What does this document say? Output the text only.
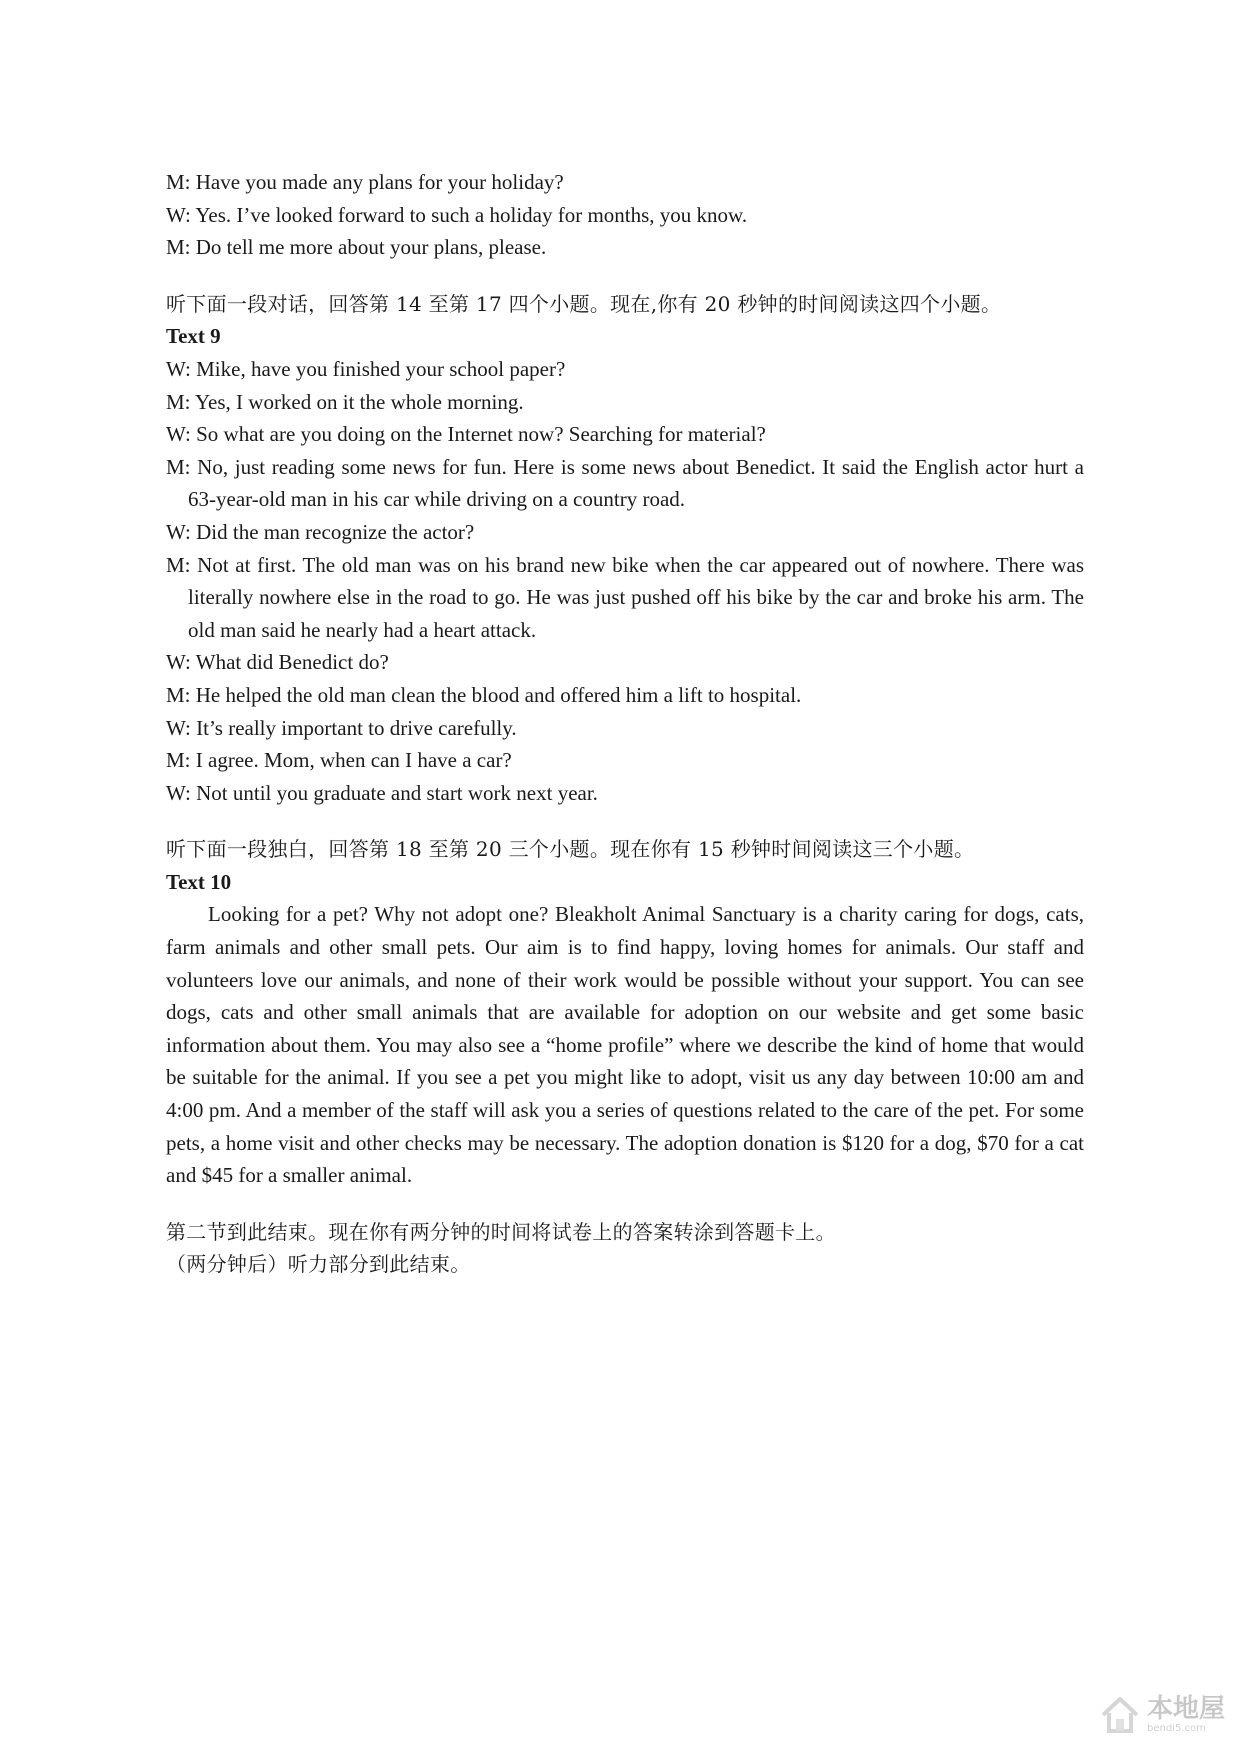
M: Have you made any plans for your holiday?

W: Yes. I’ve looked forward to such a holiday for months, you know.

M: Do tell me more about your plans, please.

听下面一段对话，回答第 14 至第 17 四个小题。现在,你有 20 秒钟的时间阅读这四个小题。

Text 9

W: Mike, have you finished your school paper?

M: Yes, I worked on it the whole morning.

W: So what are you doing on the Internet now? Searching for material?

M: No, just reading some news for fun. Here is some news about Benedict. It said the English actor hurt a 63-year-old man in his car while driving on a country road.

W: Did the man recognize the actor?

M: Not at first. The old man was on his brand new bike when the car appeared out of nowhere. There was literally nowhere else in the road to go. He was just pushed off his bike by the car and broke his arm. The old man said he nearly had a heart attack.

W: What did Benedict do?

M: He helped the old man clean the blood and offered him a lift to hospital.

W: It’s really important to drive carefully.

M: I agree. Mom, when can I have a car?

W: Not until you graduate and start work next year.

听下面一段独白，回答第 18 至第 20 三个小题。现在你有 15 秒钟时间阅读这三个小题。

Text 10

Looking for a pet? Why not adopt one? Bleakholt Animal Sanctuary is a charity caring for dogs, cats, farm animals and other small pets. Our aim is to find happy, loving homes for animals. Our staff and volunteers love our animals, and none of their work would be possible without your support. You can see dogs, cats and other small animals that are available for adoption on our website and get some basic information about them. You may also see a “home profile” where we describe the kind of home that would be suitable for the animal. If you see a pet you might like to adopt, visit us any day between 10:00 am and 4:00 pm. And a member of the staff will ask you a series of questions related to the care of the pet. For some pets, a home visit and other checks may be necessary. The adoption donation is $120 for a dog, $70 for a cat and $45 for a smaller animal.

第二节到此结束。现在你有两分钟的时间将试卷上的答案转涂到答题卡上。

（两分钟后）听力部分到此结束。

本地屋
bendi5.com
